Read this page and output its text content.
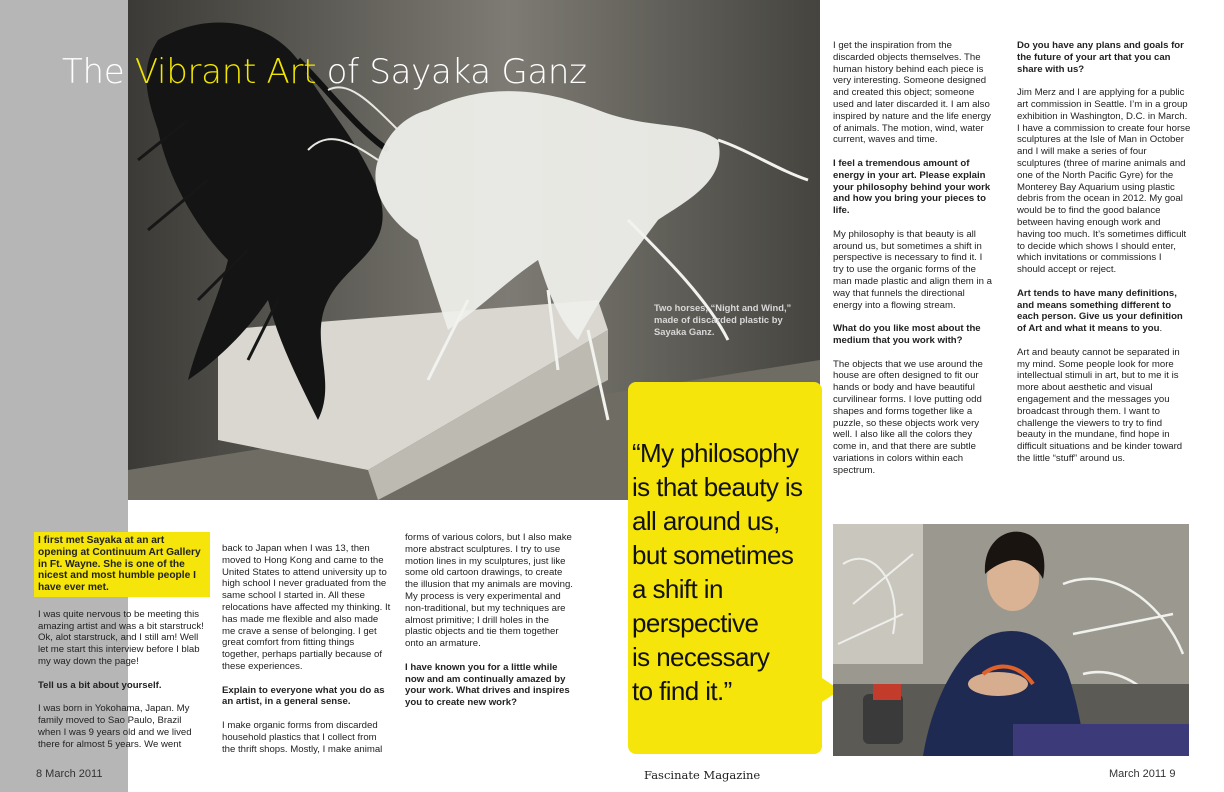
The Vibrant Art of Sayaka Ganz
Two horses, “Night and Wind,” made of discarded plastic by Sayaka Ganz.
“My philosophy
is that beauty is
all around us,
but sometimes
a shift in
perspective
is necessary
to find it.”

I first met Sayaka at an art opening at Continuum Art Gallery in Ft. Wayne. She is one of the nicest and most humble people I have ever met.

I was quite nervous to be meeting this amazing artist and was a bit starstruck! Ok, alot starstruck, and I still am! Well let me start this interview before I blab my way down the page!

Tell us a bit about yourself.

I was born in Yokohama, Japan. My family moved to Sao Paulo, Brazil when I was 9 years old and we lived there for almost 5 years. We went

back to Japan when I was 13, then moved to Hong Kong and came to the United States to attend university up to high school I never graduated from the same school I started in. All these relocations have affected my thinking. It has made me flexible and also made me crave a sense of belonging. I get great comfort from fitting things together, perhaps partially because of these experiences.

Explain to everyone what you do as an artist, in a general sense.

I make organic forms from discarded household plastics that I collect from the thrift shops. Mostly, I make animal

forms of various colors, but I also make more abstract sculptures. I try to use motion lines in my sculptures, just like some old cartoon drawings, to create the illusion that my animals are moving. My process is very experimental and non-traditional, but my techniques are almost primitive; I drill holes in the plastic objects and tie them together onto an armature.

I have known you for a little while now and am continually amazed by your work. What drives and inspires you to create new work?

I get the inspiration from the discarded objects themselves. The human history behind each piece is very interesting. Someone designed and created this object; someone used and later discarded it. I am also inspired by nature and the life energy of animals. The motion, wind, water current, waves and time.

I feel a tremendous amount of energy in your art. Please explain your philosophy behind your work and how you bring your pieces to life.

My philosophy is that beauty is all around us, but sometimes a shift in perspective is necessary to find it. I try to use the organic forms of the man made plastic and align them in a way that funnels the directional energy into a flowing stream.

What do you like most about the medium that you work with?

The objects that we use around the house are often designed to fit our hands or body and have beautiful curvilinear forms. I love putting odd shapes and forms together like a puzzle, so these objects work very well. I also like all the colors they come in, and that there are subtle variations in colors within each spectrum.

Do you have any plans and goals for the future of your art that you can share with us?

Jim Merz and I are applying for a public art commission in Seattle. I’m in a group exhibition in Washington, D.C. in March. I have a commission to create four horse sculptures at the Isle of Man in October and I will make a series of four sculptures (three of marine animals and one of the North Pacific Gyre) for the Monterey Bay Aquarium using plastic debris from the ocean in 2012. My goal would be to find the good balance between having enough work and having too much. It’s sometimes difficult to decide which shows I should enter, which invitations or commissions I should accept or reject.

Art tends to have many definitions, and means something different to each person. Give us your definition of Art and what it means to you.

Art and beauty cannot be separated in my mind. Some people look for more intellectual stimuli in art, but to me it is more about aesthetic and visual engagement and the messages you broadcast through them. I want to challenge the viewers to try to find beauty in the mundane, find hope in difficult situations and be kinder toward the little “stuff” around us.

8 March 2011	Fascinate Magazine	March 2011 9
